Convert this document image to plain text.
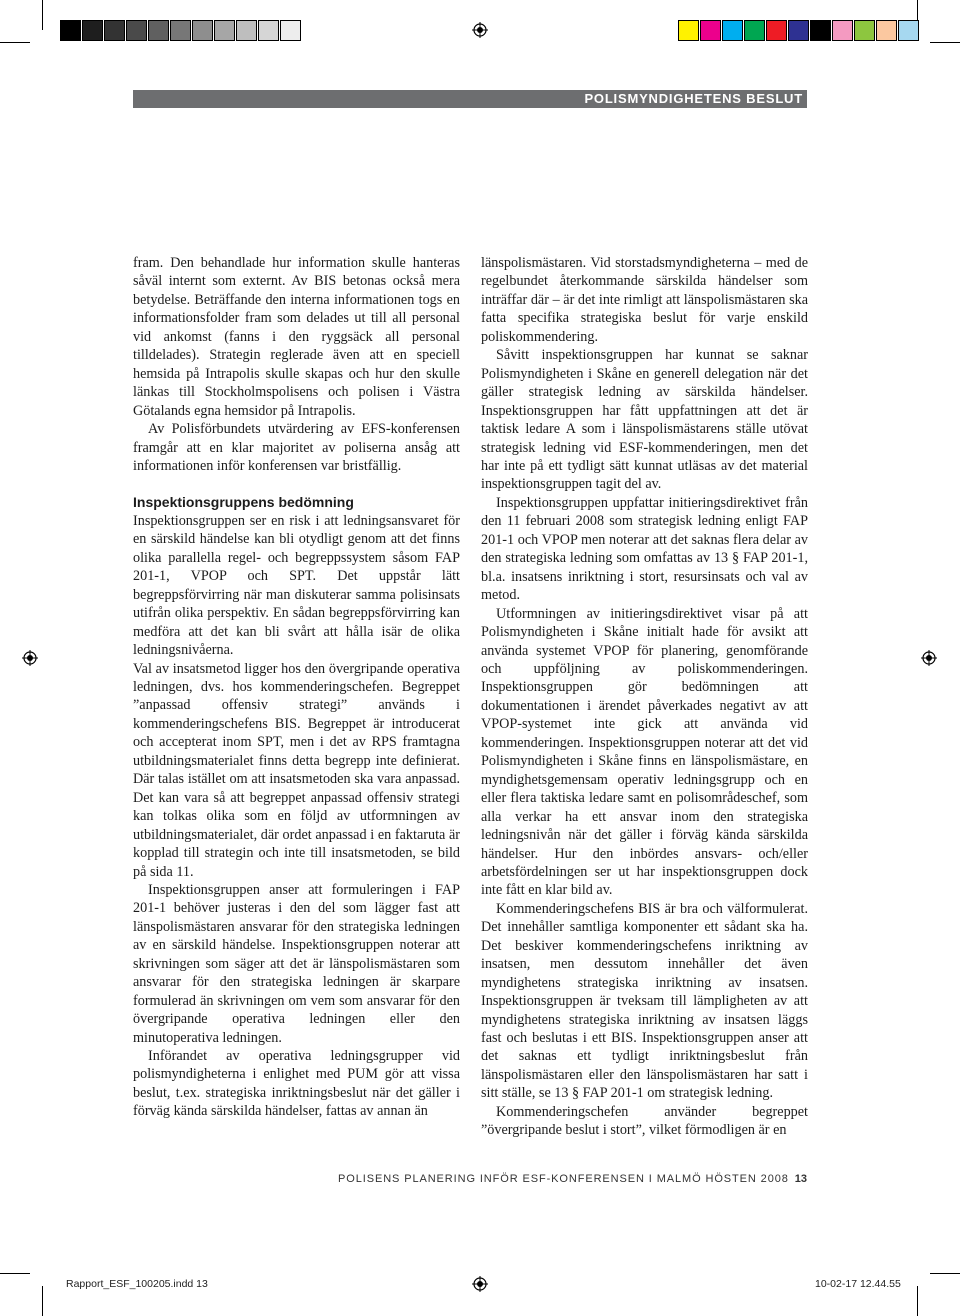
POLISMYNDIGHETENS BESLUT

fram. Den behandlade hur information skulle hanteras såväl internt som externt. Av BIS betonas också mera betydelse. Beträffande den interna informationen togs en informationsfolder fram som delades ut till all personal vid ankomst (fanns i den ryggsäck all personal tilldelades). Strategin reglerade även att en speciell hemsida på Intrapolis skulle skapas och hur den skulle länkas till Stockholmspolisens och polisen i Västra Götalands egna hemsidor på Intrapolis.

Av Polisförbundets utvärdering av EFS-konferensen framgår att en klar majoritet av poliserna ansåg att informationen inför konferensen var bristfällig.

Inspektionsgruppens bedömning

Inspektionsgruppen ser en risk i att ledningsansvaret för en särskild händelse kan bli otydligt genom att det finns olika parallella regel- och begreppssystem såsom FAP 201-1, VPOP och SPT. Det uppstår lätt begreppsförvirring när man diskuterar samma polisinsats utifrån olika perspektiv. En sådan begreppsförvirring kan medföra att det kan bli svårt att hålla isär de olika ledningsnivåerna.

Val av insatsmetod ligger hos den övergripande operativa ledningen, dvs. hos kommenderingschefen. Begreppet ”anpassad offensiv strategi” används i kommenderingschefens BIS. Begreppet är introducerat och accepterat inom SPT, men i det av RPS framtagna utbildningsmaterialet finns detta begrepp inte definierat. Där talas istället om att insatsmetoden ska vara anpassad. Det kan vara så att begreppet anpassad offensiv strategi kan tolkas olika som en följd av utformningen av utbildningsmaterialet, där ordet anpassad i en faktaruta är kopplad till strategin och inte till insatsmetoden, se bild på sida 11.

Inspektionsgruppen anser att formuleringen i FAP 201-1 behöver justeras i den del som lägger fast att länspolismästaren ansvarar för den strategiska ledningen av en särskild händelse. Inspektionsgruppen noterar att skrivningen som säger att det är länspolismästaren som ansvarar för den strategiska ledningen är skarpare formulerad än skrivningen om vem som ansvarar för den övergripande operativa ledningen eller den minutoperativa ledningen.

Införandet av operativa ledningsgrupper vid polismyndigheterna i enlighet med PUM gör att vissa beslut, t.ex. strategiska inriktningsbeslut när det gäller i förväg kända särskilda händelser, fattas av annan än

länspolismästaren. Vid storstadsmyndigheterna – med de regelbundet återkommande särskilda händelser som inträffar där – är det inte rimligt att länspolismästaren ska fatta specifika strategiska beslut för varje enskild poliskommendering.

Såvitt inspektionsgruppen har kunnat se saknar Polismyndigheten i Skåne en generell delegation när det gäller strategisk ledning av särskilda händelser. Inspektionsgruppen har fått uppfattningen att det är taktisk ledare A som i länspolismästarens ställe utövat strategisk ledning vid ESF-kommenderingen, men det har inte på ett tydligt sätt kunnat utläsas av det material inspektionsgruppen tagit del av.

Inspektionsgruppen uppfattar initieringsdirektivet från den 11 februari 2008 som strategisk ledning enligt FAP 201-1 och VPOP men noterar att det saknas flera delar av den strategiska ledning som omfattas av 13 § FAP 201-1, bl.a. insatsens inriktning i stort, resursinsats och val av metod.

Utformningen av initieringsdirektivet visar på att Polismyndigheten i Skåne initialt hade för avsikt att använda systemet VPOP för planering, genomförande och uppföljning av poliskommenderingen. Inspektionsgruppen gör bedömningen att dokumentationen i ärendet påverkades negativt av att VPOP-systemet inte gick att använda vid kommenderingen. Inspektionsgruppen noterar att det vid Polismyndigheten i Skåne finns en länspolismästare, en myndighetsgemensam operativ ledningsgrupp och en eller flera taktiska ledare samt en polisområdeschef, som alla verkar ha ett ansvar inom den strategiska ledningsnivån när det gäller i förväg kända särskilda händelser. Hur den inbördes ansvars- och/eller arbetsfördelningen ser ut har inspektionsgruppen dock inte fått en klar bild av.

Kommenderingschefens BIS är bra och välformulerat. Det innehåller samtliga komponenter ett sådant ska ha. Det beskiver kommenderingschefens inriktning av insatsen, men dessutom innehåller det även myndighetens strategiska inriktning av insatsen. Inspektionsgruppen är tveksam till lämpligheten av att myndighetens strategiska inriktning av insatsen läggs fast och beslutas i ett BIS. Inspektionsgruppen anser att det saknas ett tydligt inriktningsbeslut från länspolismästaren eller den länspolismästaren har satt i sitt ställe, se 13 § FAP 201-1 om strategisk ledning.

Kommenderingschefen använder begreppet ”övergripande beslut i stort”, vilket förmodligen är en

POLISENS PLANERING INFÖR ESF-KONFERENSEN I MALMÖ HÖSTEN 2008 13
Rapport_ESF_100205.indd 13	10-02-17 12.44.55
